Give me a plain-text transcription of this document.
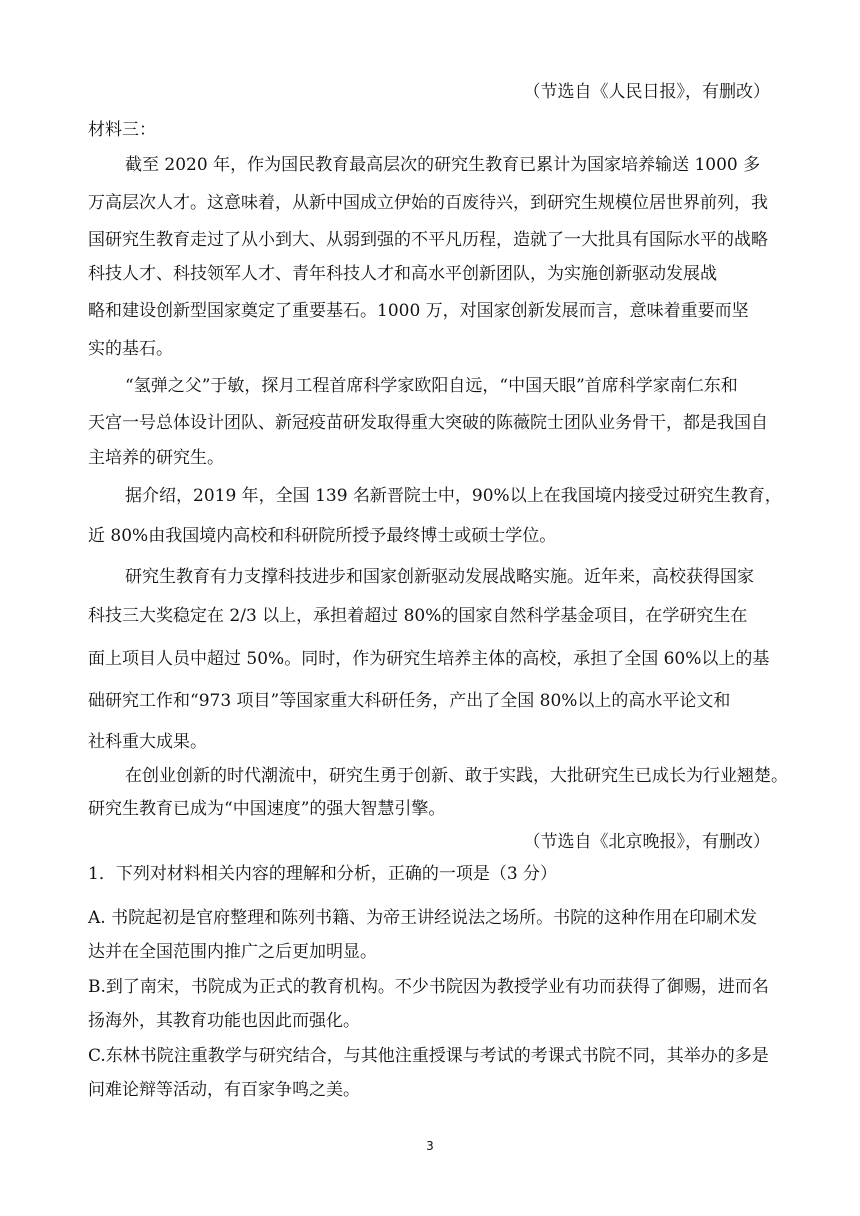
（节选自《人民日报》，有删改）
材料三：
截至 2020 年，作为国民教育最高层次的研究生教育已累计为国家培养输送 1000 多
万高层次人才。这意味着，从新中国成立伊始的百废待兴，到研究生规模位居世界前列，我
国研究生教育走过了从小到大、从弱到强的不平凡历程，造就了一大批具有国际水平的战略
科技人才、科技领军人才、青年科技人才和高水平创新团队，为实施创新驱动发展战
略和建设创新型国家奠定了重要基石。1000 万，对国家创新发展而言，意味着重要而坚
实的基石。
“氢弹之父”于敏，探月工程首席科学家欧阳自远，“中国天眼”首席科学家南仁东和
天宫一号总体设计团队、新冠疫苗研发取得重大突破的陈薇院士团队业务骨干，都是我国自
主培养的研究生。
据介绍，2019 年，全国 139 名新晋院士中，90%以上在我国境内接受过研究生教育，
近 80%由我国境内高校和科研院所授予最终博士或硕士学位。
研究生教育有力支撑科技进步和国家创新驱动发展战略实施。近年来，高校获得国家
科技三大奖稳定在 2/3 以上，承担着超过 80%的国家自然科学基金项目，在学研究生在
面上项目人员中超过 50%。同时，作为研究生培养主体的高校，承担了全国 60%以上的基
础研究工作和“973 项目”等国家重大科研任务，产出了全国 80%以上的高水平论文和
社科重大成果。
在创业创新的时代潮流中，研究生勇于创新、敢于实践，大批研究生已成长为行业翘楚。
研究生教育已成为“中国速度”的强大智慧引擎。
（节选自《北京晚报》，有删改）
1．下列对材料相关内容的理解和分析，正确的一项是（3 分）
A. 书院起初是官府整理和陈列书籍、为帝王讲经说法之场所。书院的这种作用在印刷术发
达并在全国范围内推广之后更加明显。
B.到了南宋，书院成为正式的教育机构。不少书院因为教授学业有功而获得了御赐，进而名
扬海外，其教育功能也因此而强化。
C.东林书院注重教学与研究结合，与其他注重授课与考试的考课式书院不同，其举办的多是
问难论辩等活动，有百家争鸣之美。
3
